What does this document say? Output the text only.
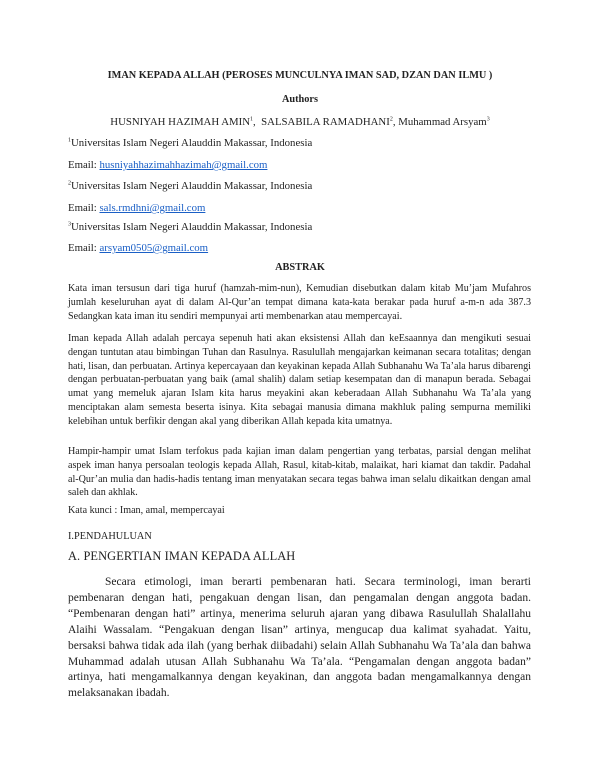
IMAN KEPADA ALLAH (PEROSES MUNCULNYA IMAN SAD, DZAN DAN ILMU )
Authors
HUSNIYAH HAZIMAH AMIN$^1$,  SALSABILA RAMADHANI$^2$, Muhammad Arsyam$^3$
$^1$Universitas Islam Negeri Alauddin Makassar, Indonesia
Email: husniyahhazimahhazimah@gmail.com
$^2$Universitas Islam Negeri Alauddin Makassar, Indonesia
Email: sals.rmdhni@gmail.com
$^3$Universitas Islam Negeri Alauddin Makassar, Indonesia
Email: arsyam0505@gmail.com
ABSTRAK
Kata iman tersusun dari tiga huruf (hamzah-mim-nun), Kemudian disebutkan dalam kitab Mu’jam Mufahros jumlah keseluruhan ayat di dalam Al-Qur’an tempat dimana kata-kata berakar pada huruf a-m-n ada 387.3 Sedangkan kata iman itu sendiri mempunyai arti membenarkan atau mempercayai.
Iman kepada Allah adalah percaya sepenuh hati akan eksistensi Allah dan keEsaannya dan mengikuti sesuai dengan tuntutan atau bimbingan Tuhan dan Rasulnya. Rasulullah mengajarkan keimanan secara totalitas; dengan hati, lisan, dan perbuatan. Artinya kepercayaan dan keyakinan kepada Allah Subhanahu Wa Ta’ala harus dibarengi dengan perbuatan-perbuatan yang baik (amal shalih) dalam setiap kesempatan dan di manapun berada. Sebagai umat yang memeluk ajaran Islam kita harus meyakini akan keberadaan Allah Subhanahu Wa Ta’ala yang menciptakan alam semesta beserta isinya. Kita sebagai manusia dimana makhluk paling sempurna memiliki kelebihan untuk berfikir dengan akal yang diberikan Allah kepada kita umatnya.
Hampir-hampir umat Islam terfokus pada kajian iman dalam pengertian yang terbatas, parsial dengan melihat aspek iman hanya persoalan teologis kepada Allah, Rasul, kitab-kitab, malaikat, hari kiamat dan takdir. Padahal al-Qur’an mulia dan hadis-hadis tentang iman menyatakan secara tegas bahwa iman selalu dikaitkan dengan amal saleh dan akhlak.
Kata kunci : Iman, amal, mempercayai
I.PENDAHULUAN
A. PENGERTIAN IMAN KEPADA ALLAH
Secara etimologi, iman berarti pembenaran hati. Secara terminologi, iman berarti pembenaran dengan hati, pengakuan dengan lisan, dan pengamalan dengan anggota badan. “Pembenaran dengan hati” artinya, menerima seluruh ajaran yang dibawa Rasulullah Shalallahu Alaihi Wassalam. “Pengakuan dengan lisan” artinya, mengucap dua kalimat syahadat. Yaitu, bersaksi bahwa tidak ada ilah (yang berhak diibadahi) selain Allah Subhanahu Wa Ta’ala dan bahwa Muhammad adalah utusan Allah Subhanahu Wa Ta’ala. “Pengamalan dengan anggota badan” artinya, hati mengamalkannya dengan keyakinan, dan anggota badan mengamalkannya dengan melaksanakan ibadah.
